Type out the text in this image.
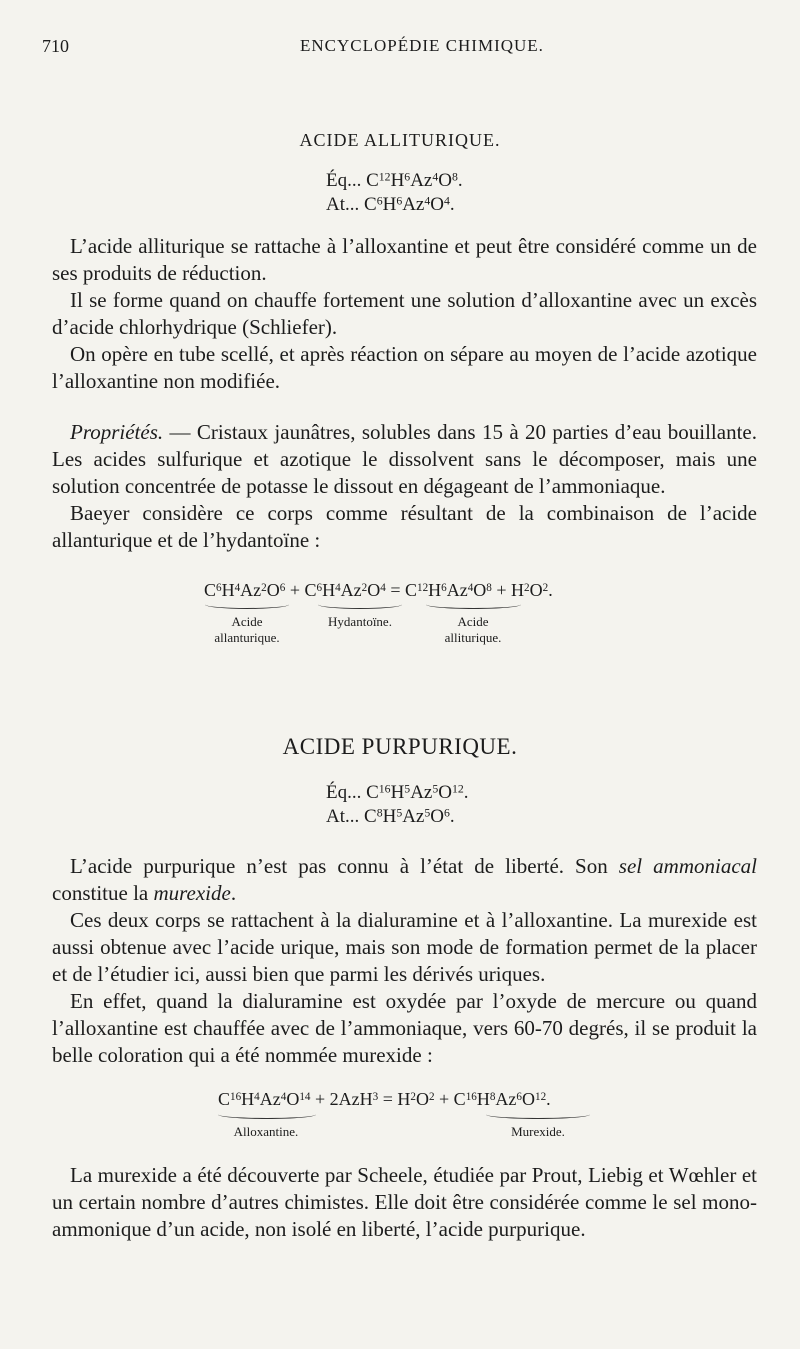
710	ENCYCLOPÉDIE CHIMIQUE.
ACIDE ALLITURIQUE.
Éq... $C^{12}H^6Az^4O^8$.
At... $C^6H^6Az^4O^4$.

L’acide alliturique se rattache à l’alloxantine et peut être considéré comme un de ses produits de réduction.

Il se forme quand on chauffe fortement une solution d’alloxantine avec un excès d’acide chlorhydrique (Schliefer).

On opère en tube scellé, et après réaction on sépare au moyen de l’acide azotique l’alloxantine non modifiée.

Propriétés. — Cristaux jaunâtres, solubles dans 15 à 20 parties d’eau bouillante. Les acides sulfurique et azotique le dissolvent sans le décomposer, mais une solution concentrée de potasse le dissout en dégageant de l’ammoniaque.

Baeyer considère ce corps comme résultant de la combinaison de l’acide allanturique et de l’hydantoïne :

$C^6H^4Az^2O^6 + C^6H^4Az^2O^4 = C^{12}H^6Az^4O^8 + H^2O^2$.
Acide
allanturique.
Hydantoïne.	Acide
alliturique.
ACIDE PURPURIQUE.
Éq... $C^{16}H^5Az^5O^{12}$.
At... $C^8H^5Az^5O^6$.

L’acide purpurique n’est pas connu à l’état de liberté. Son sel ammoniacal constitue la murexide.

Ces deux corps se rattachent à la dialuramine et à l’alloxantine. La murexide est aussi obtenue avec l’acide urique, mais son mode de formation permet de la placer et de l’étudier ici, aussi bien que parmi les dérivés uriques.

En effet, quand la dialuramine est oxydée par l’oxyde de mercure ou quand l’alloxantine est chauffée avec de l’ammoniaque, vers 60-70 degrés, il se produit la belle coloration qui a été nommée murexide :

$C^{16}H^4Az^4O^{14} + 2AzH^3 = H^2O^2 + C^{16}H^8Az^6O^{12}$.
Alloxantine.	Murexide.

La murexide a été découverte par Scheele, étudiée par Prout, Liebig et Wœhler et un certain nombre d’autres chimistes. Elle doit être considérée comme le sel mono-ammonique d’un acide, non isolé en liberté, l’acide purpurique.
